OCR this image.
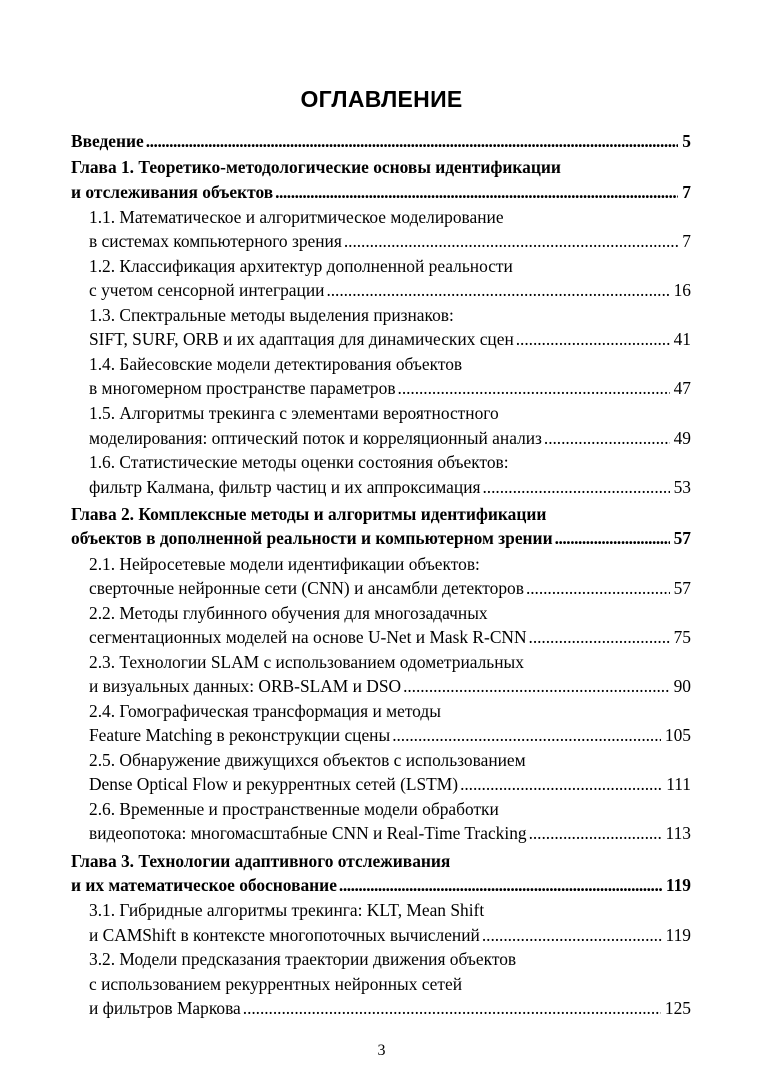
ОГЛАВЛЕНИЕ
Введение . . .	5
Глава 1. Теоретико-методологические основы идентификации
и отслеживания объектов . . .	7
1.1. Математическое и алгоритмическое моделирование
в системах компьютерного зрения . . .	7
1.2. Классификация архитектур дополненной реальности
с учетом сенсорной интеграции . . .	16
1.3. Спектральные методы выделения признаков:
SIFT, SURF, ORB и их адаптация для динамических сцен . . .	41
1.4. Байесовские модели детектирования объектов
в многомерном пространстве параметров . . .	47
1.5. Алгоритмы трекинга с элементами вероятностного
моделирования: оптический поток и корреляционный анализ . . .	49
1.6. Статистические методы оценки состояния объектов:
фильтр Калмана, фильтр частиц и их аппроксимация . . .	53
Глава 2. Комплексные методы и алгоритмы идентификации
объектов в дополненной реальности и компьютерном зрении . . .	57
2.1. Нейросетевые модели идентификации объектов:
сверточные нейронные сети (CNN) и ансамбли детекторов . . .	57
2.2. Методы глубинного обучения для многозадачных
сегментационных моделей на основе U-Net и Mask R-CNN . . .	75
2.3. Технологии SLAM с использованием одометриальных
и визуальных данных: ORB-SLAM и DSO . . .	90
2.4. Гомографическая трансформация и методы
Feature Matching в реконструкции сцены . . .	105
2.5. Обнаружение движущихся объектов с использованием
Dense Optical Flow и рекуррентных сетей (LSTM) . . .	111
2.6. Временные и пространственные модели обработки
видеопотока: многомасштабные CNN и Real-Time Tracking . . .	113
Глава 3. Технологии адаптивного отслеживания
и их математическое обоснование . . .	119
3.1. Гибридные алгоритмы трекинга: KLT, Mean Shift
и CAMShift в контексте многопоточных вычислений . . .	119
3.2. Модели предсказания траектории движения объектов
с использованием рекуррентных нейронных сетей
и фильтров Маркова . . .	125
3
